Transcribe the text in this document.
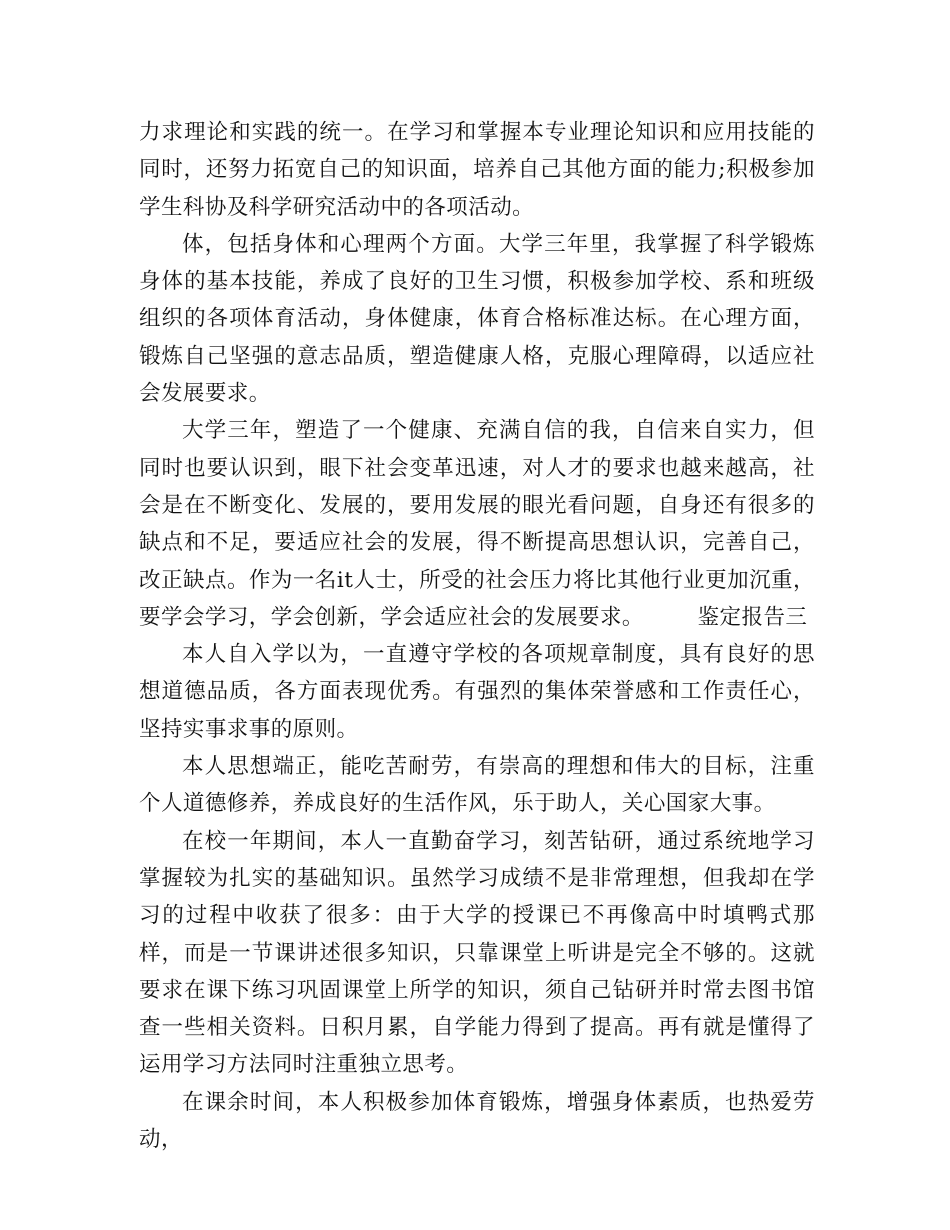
力求理论和实践的统一。在学习和掌握本专业理论知识和应用技能的同时，还努力拓宽自己的知识面，培养自己其他方面的能力;积极参加学生科协及科学研究活动中的各项活动。

体，包括身体和心理两个方面。大学三年里，我掌握了科学锻炼身体的基本技能，养成了良好的卫生习惯，积极参加学校、系和班级组织的各项体育活动，身体健康，体育合格标准达标。在心理方面，锻炼自己坚强的意志品质，塑造健康人格，克服心理障碍，以适应社会发展要求。

大学三年，塑造了一个健康、充满自信的我，自信来自实力，但同时也要认识到，眼下社会变革迅速，对人才的要求也越来越高，社会是在不断变化、发展的，要用发展的眼光看问题，自身还有很多的缺点和不足，要适应社会的发展，得不断提高思想认识，完善自己，改正缺点。作为一名it人士，所受的社会压力将比其他行业更加沉重，要学会学习，学会创新，学会适应社会的发展要求。	鉴定报告三

本人自入学以为，一直遵守学校的各项规章制度，具有良好的思想道德品质，各方面表现优秀。有强烈的集体荣誉感和工作责任心，坚持实事求事的原则。

本人思想端正，能吃苦耐劳，有崇高的理想和伟大的目标，注重个人道德修养，养成良好的生活作风，乐于助人，关心国家大事。

在校一年期间，本人一直勤奋学习，刻苦钻研，通过系统地学习掌握较为扎实的基础知识。虽然学习成绩不是非常理想，但我却在学习的过程中收获了很多：由于大学的授课已不再像高中时填鸭式那样，而是一节课讲述很多知识，只靠课堂上听讲是完全不够的。这就要求在课下练习巩固课堂上所学的知识，须自己钻研并时常去图书馆查一些相关资料。日积月累，自学能力得到了提高。再有就是懂得了运用学习方法同时注重独立思考。

在课余时间，本人积极参加体育锻炼，增强身体素质，也热爱劳动，
